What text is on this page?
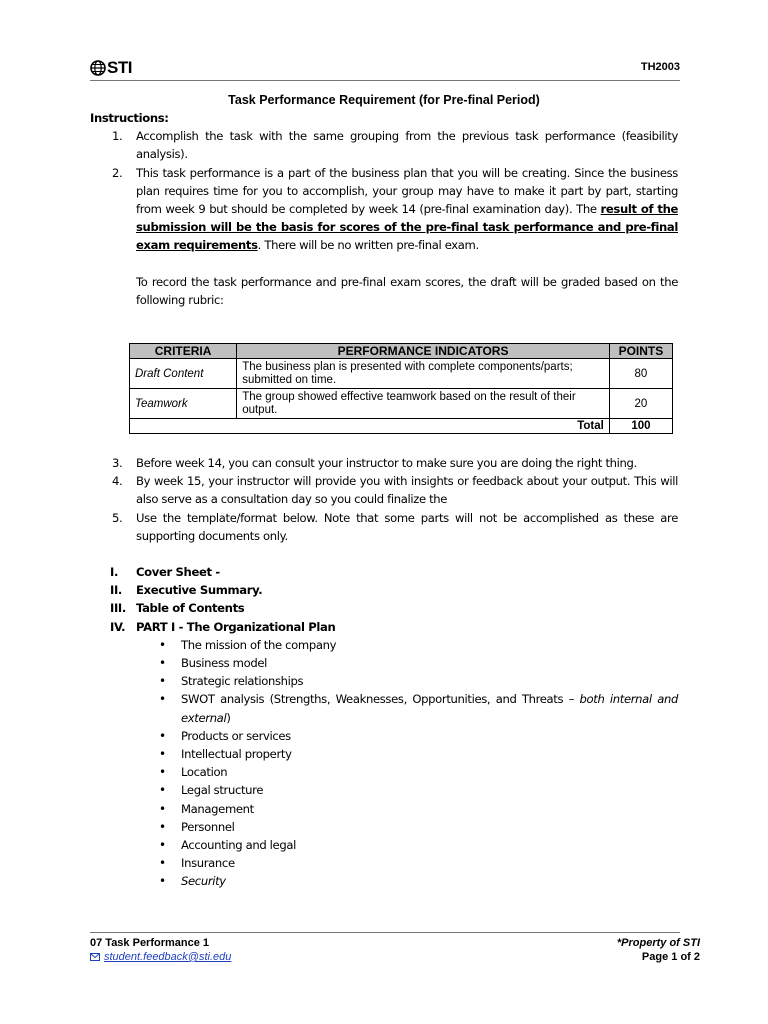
STI	TH2003
Task Performance Requirement (for Pre-final Period)
Instructions:
1. Accomplish the task with the same grouping from the previous task performance (feasibility analysis).
2. This task performance is a part of the business plan that you will be creating. Since the business plan requires time for you to accomplish, your group may have to make it part by part, starting from week 9 but should be completed by week 14 (pre-final examination day). The result of the submission will be the basis for scores of the pre-final task performance and pre-final exam requirements. There will be no written pre-final exam.
To record the task performance and pre-final exam scores, the draft will be graded based on the following rubric:
CRITERIA	PERFORMANCE INDICATORS	POINTS
Draft Content	The business plan is presented with complete components/parts; submitted on time.	80
Teamwork	The group showed effective teamwork based on the result of their output.	20
Total		100
3. Before week 14, you can consult your instructor to make sure you are doing the right thing.
4. By week 15, your instructor will provide you with insights or feedback about your output. This will also serve as a consultation day so you could finalize the
5. Use the template/format below. Note that some parts will not be accomplished as these are supporting documents only.
I. Cover Sheet -
II. Executive Summary.
III. Table of Contents
IV. PART I - The Organizational Plan
• The mission of the company
• Business model
• Strategic relationships
• SWOT analysis (Strengths, Weaknesses, Opportunities, and Threats – both internal and external)
• Products or services
• Intellectual property
• Location
• Legal structure
• Management
• Personnel
• Accounting and legal
• Insurance
• Security
07 Task Performance 1
student.feedback@sti.edu
*Property of STI
Page 1 of 2
